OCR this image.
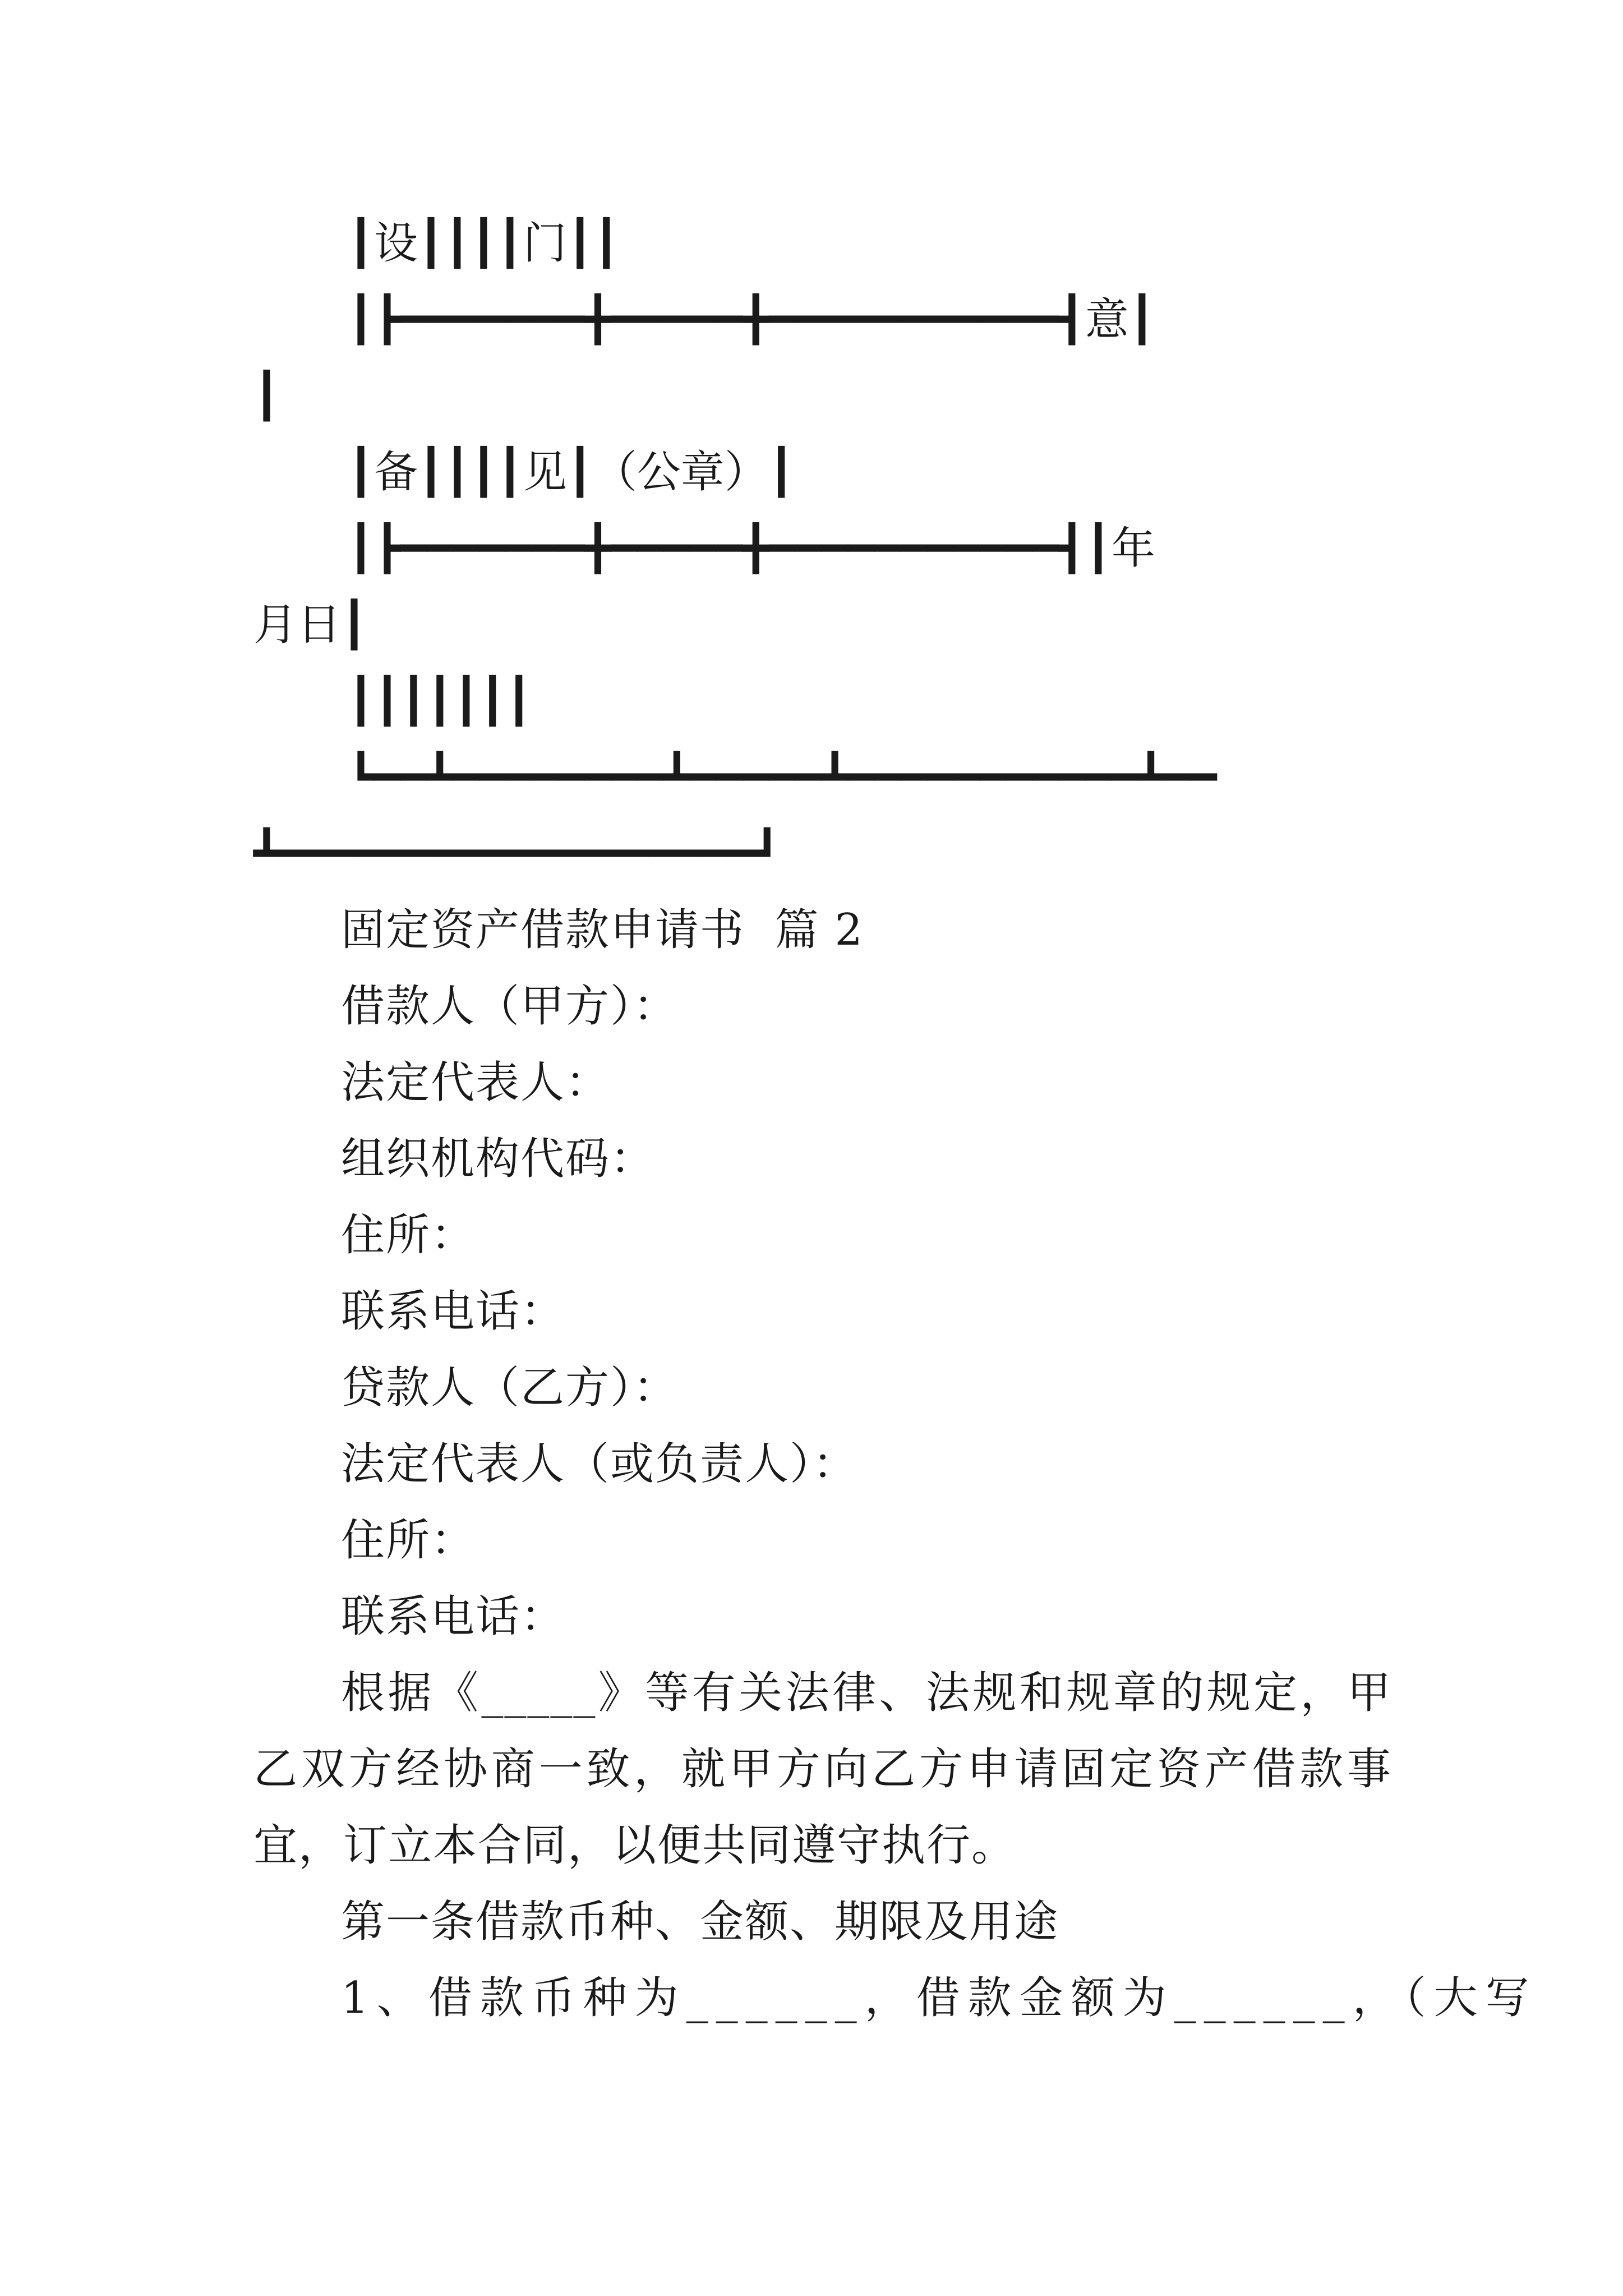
┃设┃┃┃┃门┃┃
┃┣━━━━━━━╋━━━━━╋━━━━━━━━━━━┫意┃
┃
┃备┃┃┃┃见┃（公章）┃
┃┣━━━━━━━╋━━━━━╋━━━━━━━━━━━┫┃年
月日┃
┃┃┃┃┃┃┃
┗━━┻━━━━━━━━┻━━━━━┻━━━━━━━━━━━┻━━
┻━━━━━━━━━━━━━━━━━━┛
固定资产借款申请书  篇 2
借款人（甲方）：
法定代表人：
组织机构代码：
住所：
联系电话：
贷款人（乙方）：
法定代表人（或负责人）：
住所：
联系电话：
根据《_____》等有关法律、法规和规章的规定，甲乙双方经协商一致，就甲方向乙方申请固定资产借款事宜，订立本合同，以便共同遵守执行。
第一条借款币种、金额、期限及用途
1、借款币种为______，借款金额为______，（大写
